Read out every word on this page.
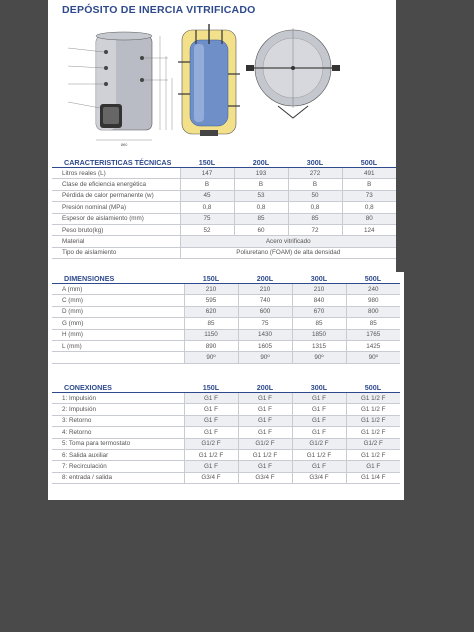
DEPÓSITO DE INERCIA VITRIFICADO
Ø60
CARACTERISTICAS TÉCNICAS	150L	200L	300L	500L
Litros reales (L)	147	193	272	491
Clase de eficiencia energética	B	B	B	B
Pérdida de calor permanente (w)	45	53	50	73
Presión nominal (MPa)	0,8	0,8	0,8	0,8
Espesor de aislamiento (mm)	75	85	85	80
Peso bruto(kg)	52	60	72	124
Material	Acero vitrificado			
Tipo de aislamiento	Poliuretano (FOAM) de alta densidad			
DIMENSIONES	150L	200L	300L	500L
A (mm)	210	210	210	240
C (mm)	595	740	840	980
D (mm)	620	600	670	800
G (mm)	85	75	85	85
H (mm)	1150	1430	1850	1765
L (mm)	890	1605	1315	1425
	90º	90º	90º	90º
CONEXIONES	150L	200L	300L	500L
1: Impulsión	G1 F	G1 F	G1 F	G1 1/2 F
2: Impulsión	G1 F	G1 F	G1 F	G1 1/2 F
3: Retorno	G1 F	G1 F	G1 F	G1 1/2 F
4: Retorno	G1 F	G1 F	G1 F	G1 1/2 F
5: Toma para termostato	G1/2 F	G1/2 F	G1/2 F	G1/2 F
6: Salida auxiliar	G1 1/2 F	G1 1/2 F	G1 1/2 F	G1 1/2 F
7: Recirculación	G1 F	G1 F	G1 F	G1 F
8: entrada / salida	G3/4 F	G3/4 F	G3/4 F	G1 1/4 F
